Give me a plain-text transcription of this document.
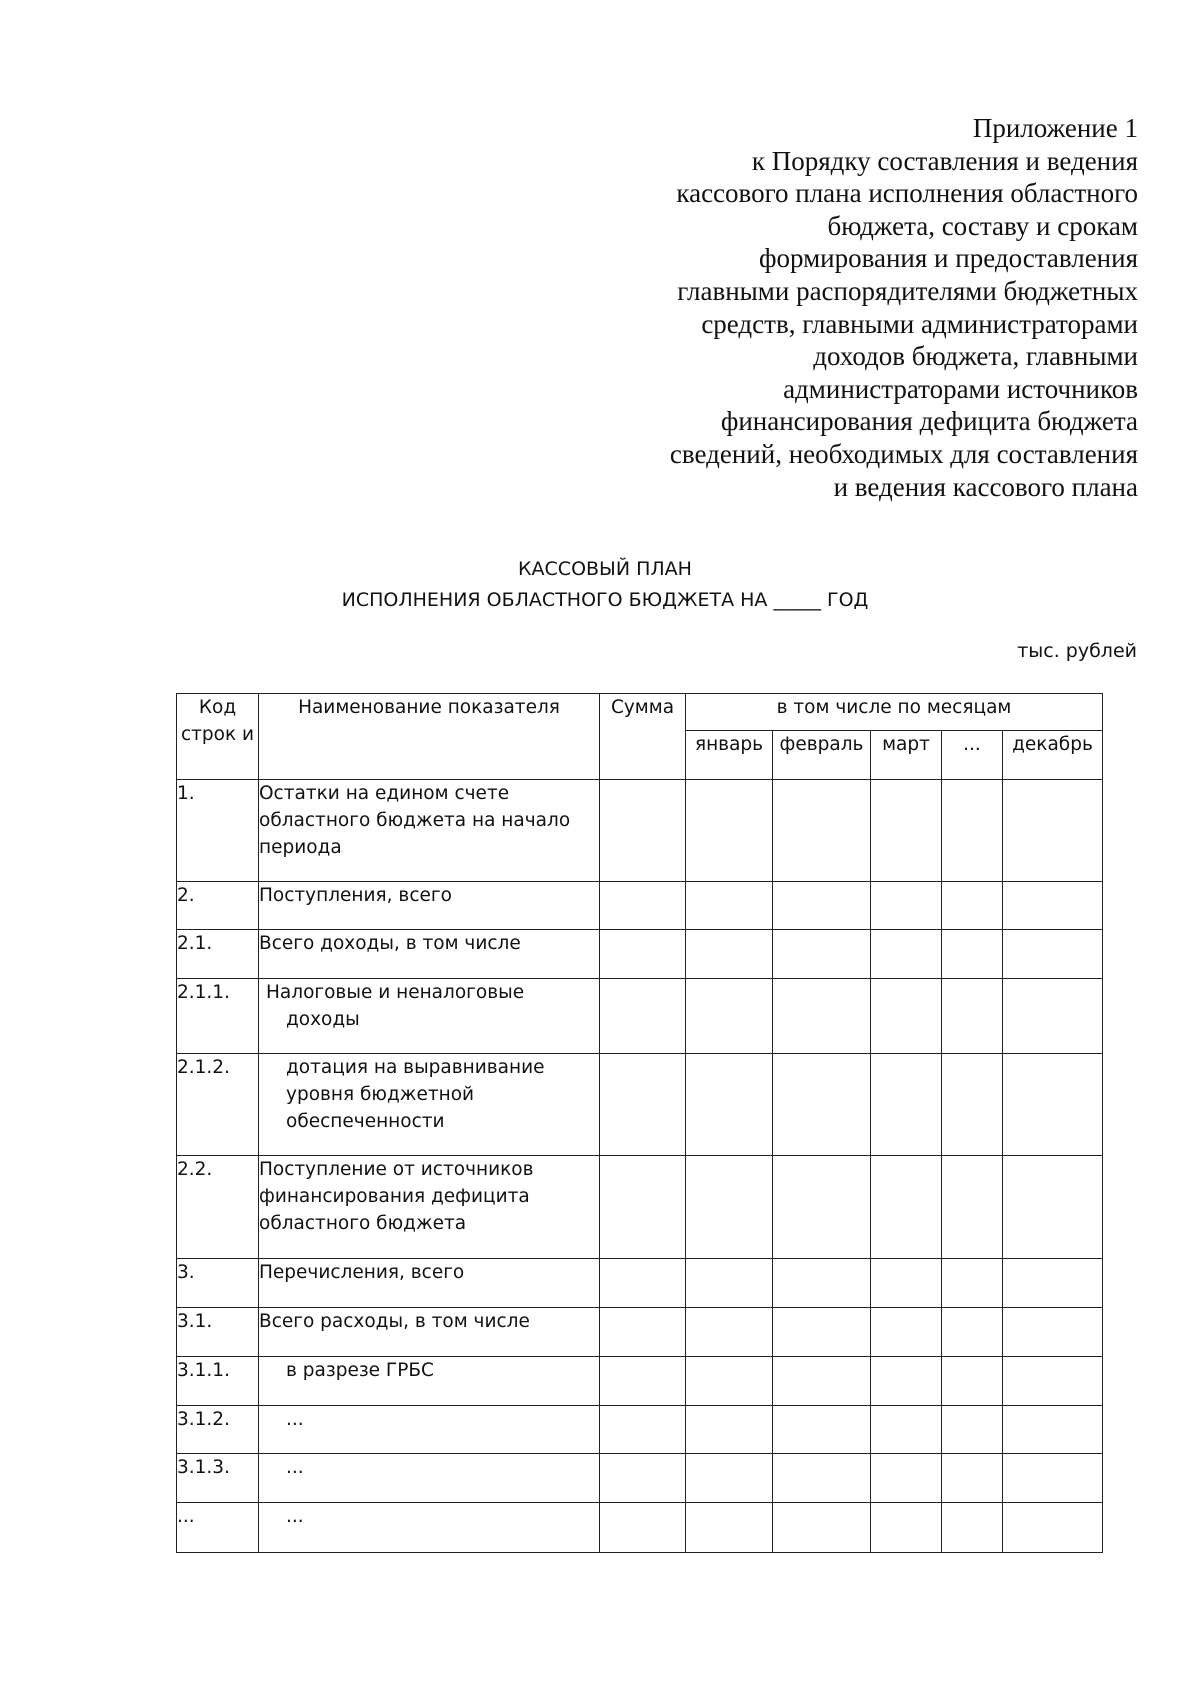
Приложение 1
к Порядку составления и ведения
кассового плана исполнения областного
бюджета, составу и срокам
формирования и предоставления
главными распорядителями бюджетных
средств, главными администраторами
доходов бюджета, главными
администраторами источников
финансирования дефицита бюджета
сведений, необходимых для составления
и ведения кассового плана
КАССОВЫЙ ПЛАН
ИСПОЛНЕНИЯ ОБЛАСТНОГО БЮДЖЕТА НА _____ ГОД
тыс. рублей
Код строк и	Наименование показателя	Сумма	в том числе по месяцам				
			январь	февраль	март	...	декабрь
1.	Остатки на едином счете областного бюджета на начало периода						
2.	Поступления, всего						
2.1.	Всего доходы, в том числе						
2.1.1.	Налоговые и неналоговые доходы						
2.1.2.	дотация на выравнивание уровня бюджетной обеспеченности						
2.2.	Поступление от источников финансирования дефицита областного бюджета						
3.	Перечисления, всего						
3.1.	Всего расходы, в том числе						
3.1.1.	в разрезе ГРБС						
3.1.2.	...						
3.1.3.	...						
...	...						
